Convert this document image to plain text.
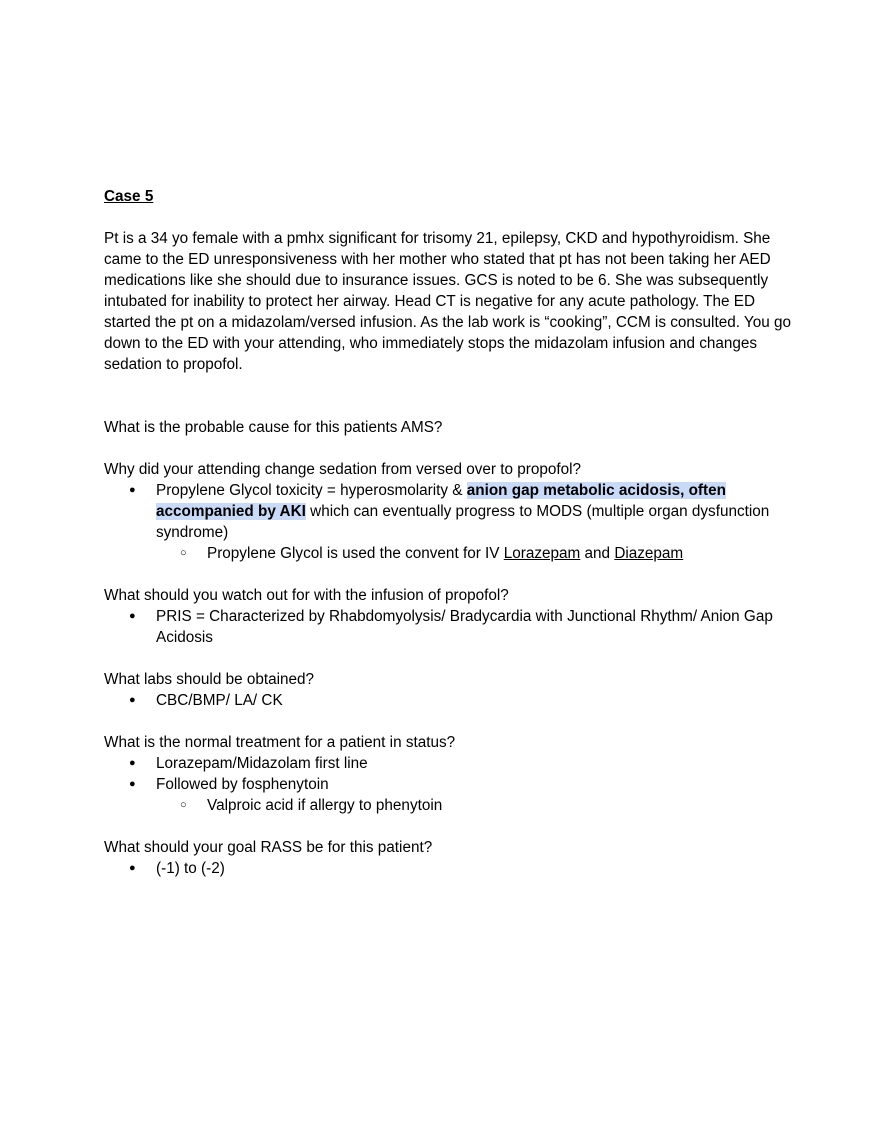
Case 5

Pt is a 34 yo female with a pmhx significant for trisomy 21, epilepsy, CKD and hypothyroidism. She came to the ED unresponsiveness with her mother who stated that pt has not been taking her AED medications like she should due to insurance issues. GCS is noted to be 6. She was subsequently intubated for inability to protect her airway. Head CT is negative for any acute pathology. The ED started the pt on a midazolam/versed infusion. As the lab work is “cooking”, CCM is consulted. You go down to the ED with your attending, who immediately stops the midazolam infusion and changes sedation to propofol.

What is the probable cause for this patients AMS?

Why did your attending change sedation from versed over to propofol?

● Propylene Glycol toxicity = hyperosmolarity & anion gap metabolic acidosis, often accompanied by AKI which can eventually progress to MODS (multiple organ dysfunction syndrome)
○ Propylene Glycol is used the convent for IV Lorazepam and Diazepam

What should you watch out for with the infusion of propofol?

● PRIS = Characterized by Rhabdomyolysis/ Bradycardia with Junctional Rhythm/ Anion Gap Acidosis

What labs should be obtained?

● CBC/BMP/ LA/ CK

What is the normal treatment for a patient in status?

● Lorazepam/Midazolam first line
● Followed by fosphenytoin
○ Valproic acid if allergy to phenytoin

What should your goal RASS be for this patient?

● (-1) to (-2)
